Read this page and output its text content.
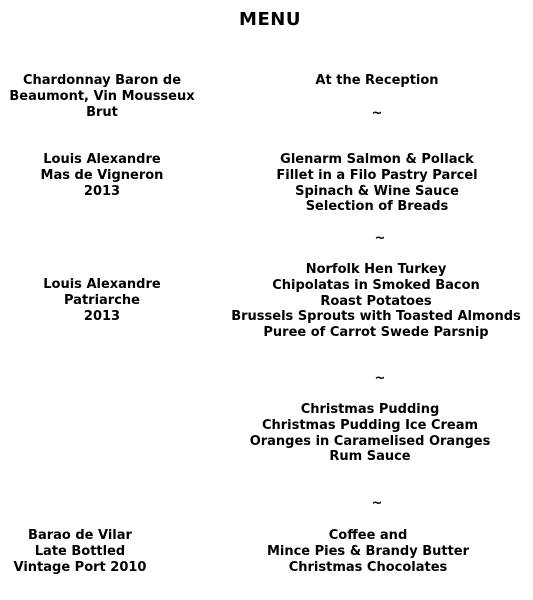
MENU
Chardonnay Baron de
Beaumont, Vin Mousseux
Brut
Louis Alexandre
Mas de Vigneron
2013
Louis Alexandre
Patriarche
2013
Barao de Vilar
Late Bottled
Vintage Port 2010
At the Reception
~
Glenarm Salmon & Pollack
Fillet in a Filo Pastry Parcel
Spinach & Wine Sauce
Selection of Breads
~
Norfolk Hen Turkey
Chipolatas in Smoked Bacon
Roast Potatoes
Brussels Sprouts with Toasted Almonds
Puree of Carrot Swede Parsnip
~
Christmas Pudding
Christmas Pudding Ice Cream
Oranges in Caramelised Oranges
Rum Sauce
~
Coffee and
Mince Pies & Brandy Butter
Christmas Chocolates
